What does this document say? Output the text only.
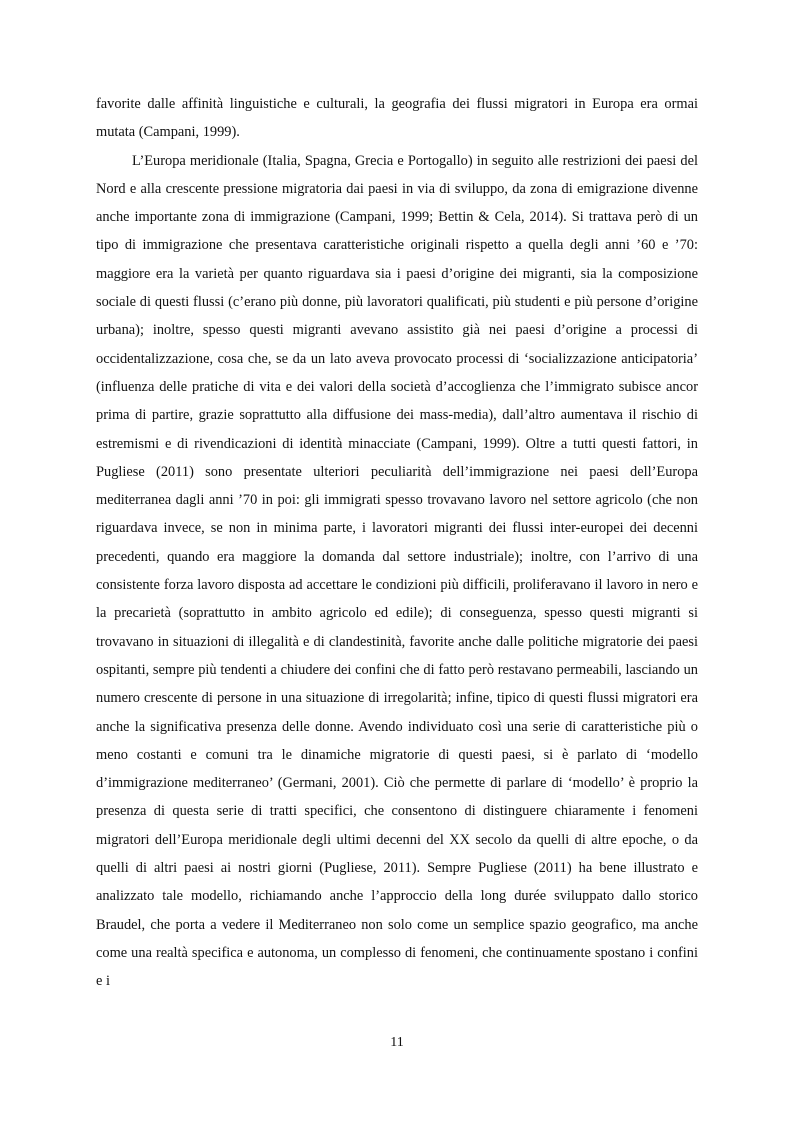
favorite dalle affinità linguistiche e culturali, la geografia dei flussi migratori in Europa era ormai mutata (Campani, 1999).

L’Europa meridionale (Italia, Spagna, Grecia e Portogallo) in seguito alle restrizioni dei paesi del Nord e alla crescente pressione migratoria dai paesi in via di sviluppo, da zona di emigrazione divenne anche importante zona di immigrazione (Campani, 1999; Bettin & Cela, 2014). Si trattava però di un tipo di immigrazione che presentava caratteristiche originali rispetto a quella degli anni ’60 e ’70: maggiore era la varietà per quanto riguardava sia i paesi d’origine dei migranti, sia la composizione sociale di questi flussi (c’erano più donne, più lavoratori qualificati, più studenti e più persone d’origine urbana); inoltre, spesso questi migranti avevano assistito già nei paesi d’origine a processi di occidentalizzazione, cosa che, se da un lato aveva provocato processi di ‘socializzazione anticipatoria’ (influenza delle pratiche di vita e dei valori della società d’accoglienza che l’immigrato subisce ancor prima di partire, grazie soprattutto alla diffusione dei mass-media), dall’altro aumentava il rischio di estremismi e di rivendicazioni di identità minacciate (Campani, 1999). Oltre a tutti questi fattori, in Pugliese (2011) sono presentate ulteriori peculiarità dell’immigrazione nei paesi dell’Europa mediterranea dagli anni ’70 in poi: gli immigrati spesso trovavano lavoro nel settore agricolo (che non riguardava invece, se non in minima parte, i lavoratori migranti dei flussi inter-europei dei decenni precedenti, quando era maggiore la domanda dal settore industriale); inoltre, con l’arrivo di una consistente forza lavoro disposta ad accettare le condizioni più difficili, proliferavano il lavoro in nero e la precarietà (soprattutto in ambito agricolo ed edile); di conseguenza, spesso questi migranti si trovavano in situazioni di illegalità e di clandestinità, favorite anche dalle politiche migratorie dei paesi ospitanti, sempre più tendenti a chiudere dei confini che di fatto però restavano permeabili, lasciando un numero crescente di persone in una situazione di irregolarità; infine, tipico di questi flussi migratori era anche la significativa presenza delle donne. Avendo individuato così una serie di caratteristiche più o meno costanti e comuni tra le dinamiche migratorie di questi paesi, si è parlato di ‘modello d’immigrazione mediterraneo’ (Germani, 2001). Ciò che permette di parlare di ‘modello’ è proprio la presenza di questa serie di tratti specifici, che consentono di distinguere chiaramente i fenomeni migratori dell’Europa meridionale degli ultimi decenni del XX secolo da quelli di altre epoche, o da quelli di altri paesi ai nostri giorni (Pugliese, 2011). Sempre Pugliese (2011) ha bene illustrato e analizzato tale modello, richiamando anche l’approccio della long durée sviluppato dallo storico Braudel, che porta a vedere il Mediterraneo non solo come un semplice spazio geografico, ma anche come una realtà specifica e autonoma, un complesso di fenomeni, che continuamente spostano i confini e i

11
